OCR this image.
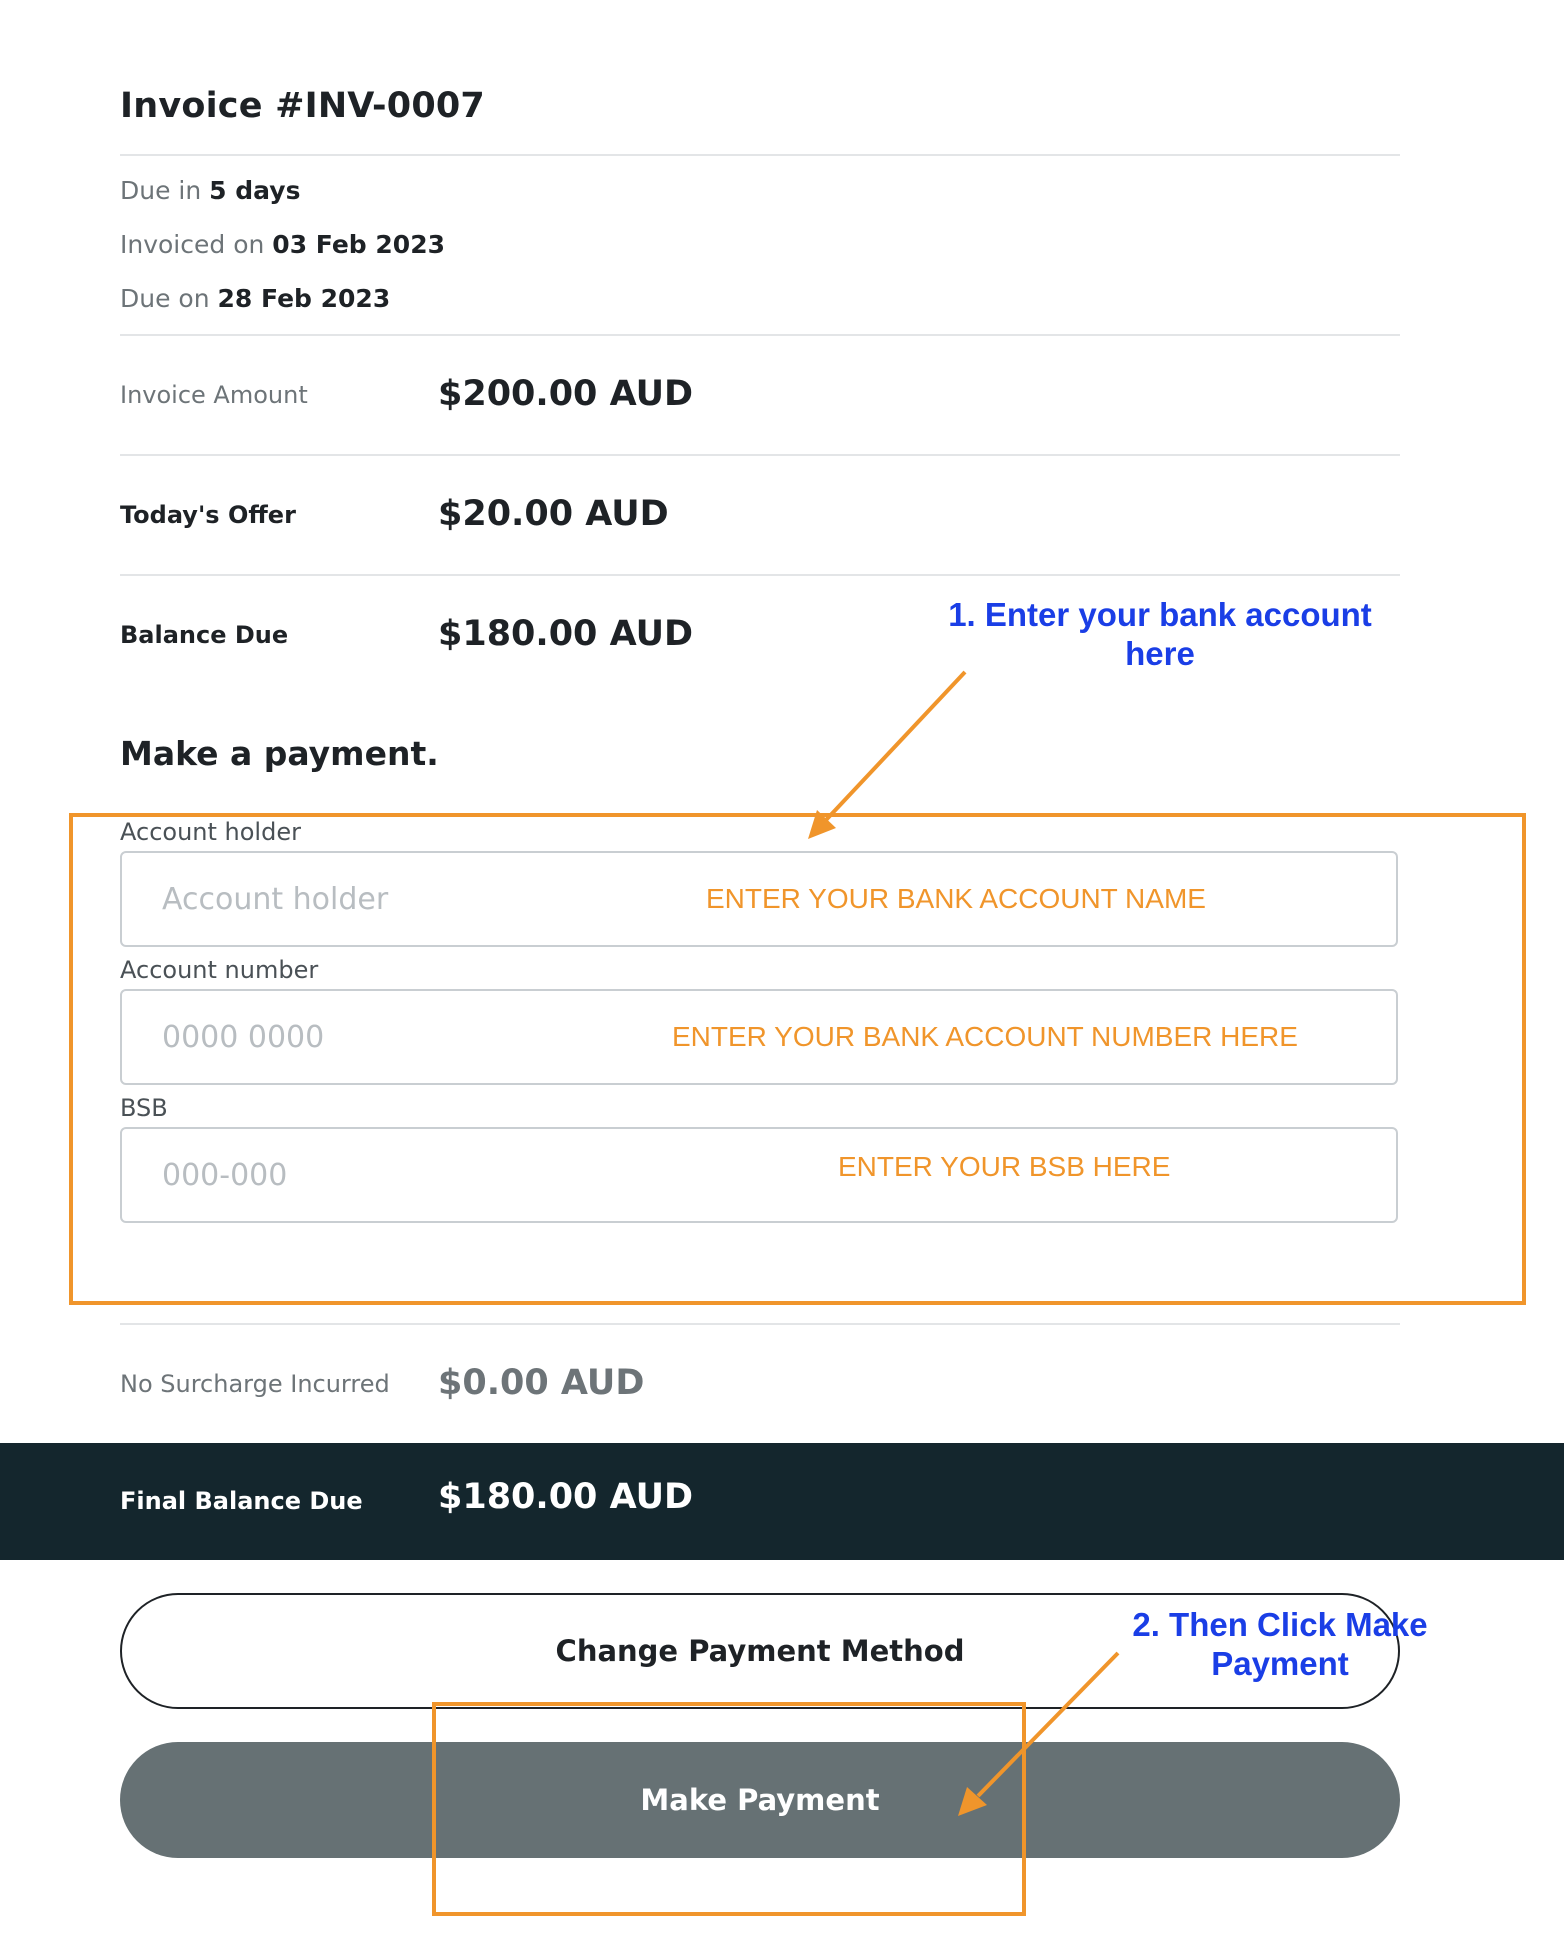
Invoice #INV-0007
Due in 5 days
Invoiced on 03 Feb 2023
Due on 28 Feb 2023
Invoice Amount	$200.00 AUD
Today's Offer	$20.00 AUD
Balance Due	$180.00 AUD	1. Enter your bank account
here
Make a payment.
Account holder
Account holder
ENTER YOUR BANK ACCOUNT NAME
Account number
0000 0000
ENTER YOUR BANK ACCOUNT NUMBER HERE
BSB
000-000
ENTER YOUR BSB HERE
No Surcharge Incurred $0.00 AUD
Final Balance Due $180.00 AUD
Change Payment Method
Make Payment
2. Then Click Make
Payment
